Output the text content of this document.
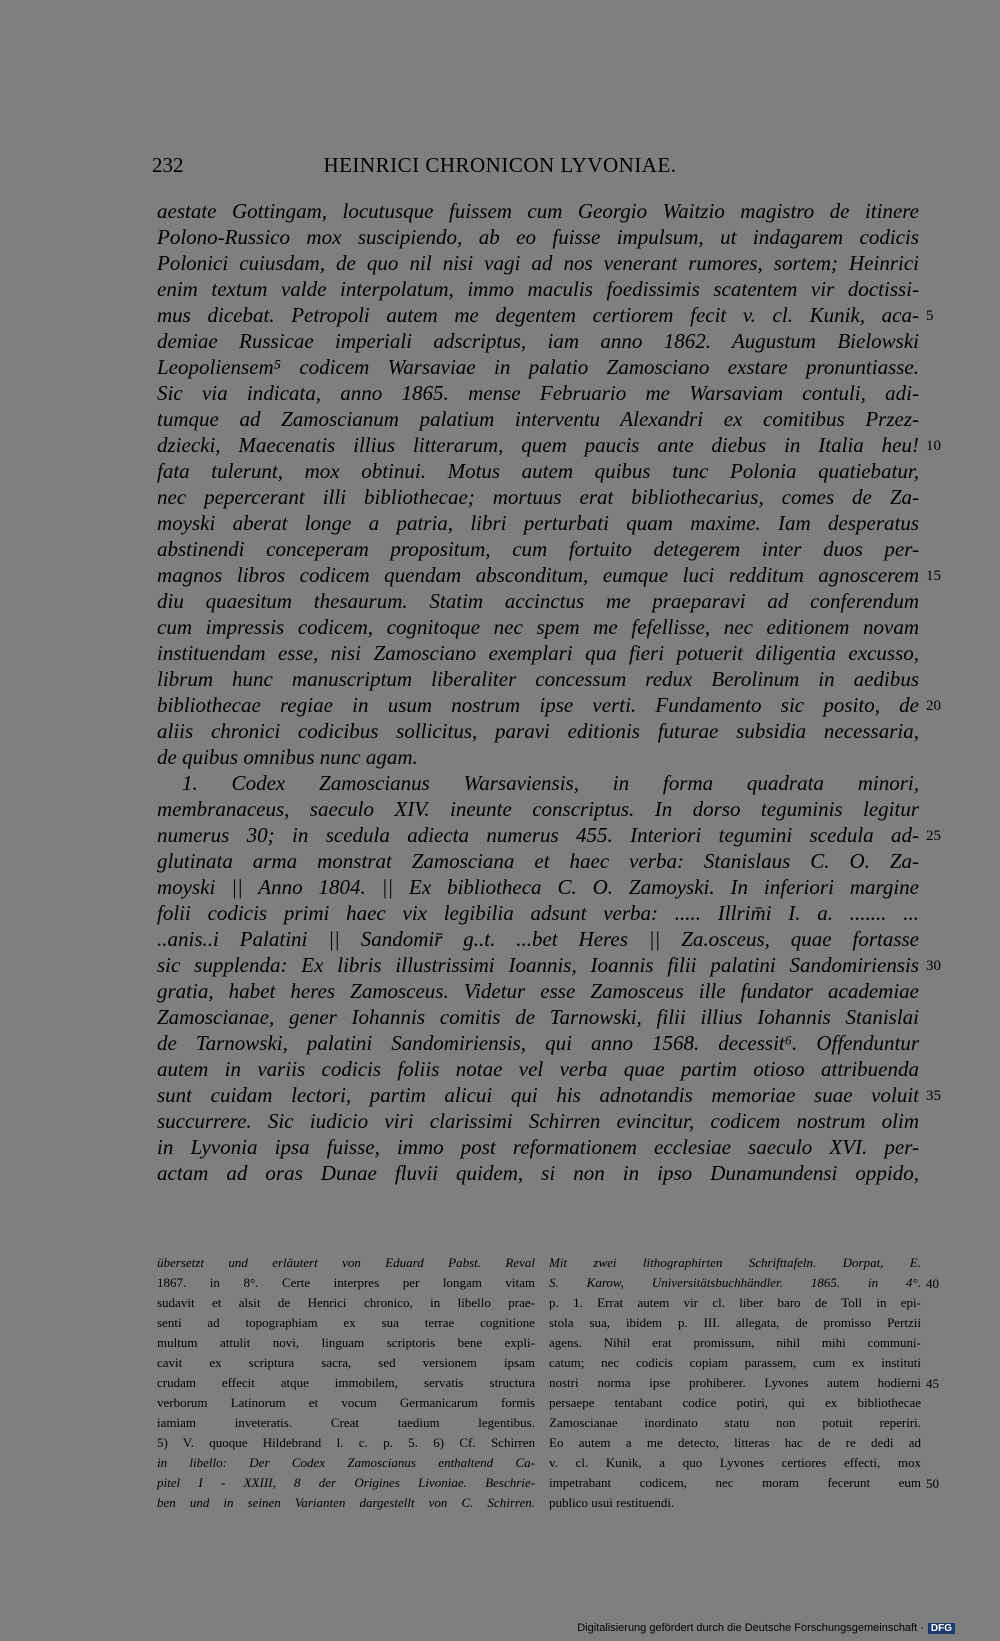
232	HEINRICI CHRONICON LYVONIAE.
aestate Gottingam, locutusque fuissem cum Georgio Waitzio magistro de itinere
Polono-Russico mox suscipiendo, ab eo fuisse impulsum, ut indagarem codicis
Polonici cuiusdam, de quo nil nisi vagi ad nos venerant rumores, sortem; Heinrici
enim textum valde interpolatum, immo maculis foedissimis scatentem vir doctissi-
mus dicebat. Petropoli autem me degentem certiorem fecit v. cl. Kunik, aca-
demiae Russicae imperiali adscriptus, iam anno 1862. Augustum Bielowski
Leopoliensem⁵ codicem Warsaviae in palatio Zamosciano exstare pronuntiasse.
Sic via indicata, anno 1865. mense Februario me Warsaviam contuli, adi-
tumque ad Zamoscianum palatium interventu Alexandri ex comitibus Przez-
dziecki, Maecenatis illius litterarum, quem paucis ante diebus in Italia heu!
fata tulerunt, mox obtinui. Motus autem quibus tunc Polonia quatiebatur,
nec pepercerant illi bibliothecae; mortuus erat bibliothecarius, comes de Za-
moyski aberat longe a patria, libri perturbati quam maxime. Iam desperatus
abstinendi conceperam propositum, cum fortuito detegerem inter duos per-
magnos libros codicem quendam absconditum, eumque luci redditum agnoscerem
diu quaesitum thesaurum. Statim accinctus me praeparavi ad conferendum
cum impressis codicem, cognitoque nec spem me fefellisse, nec editionem novam
instituendam esse, nisi Zamosciano exemplari qua fieri potuerit diligentia excusso,
librum hunc manuscriptum liberaliter concessum redux Berolinum in aedibus
bibliothecae regiae in usum nostrum ipse verti. Fundamento sic posito, de
aliis chronici codicibus sollicitus, paravi editionis futurae subsidia necessaria,
de quibus omnibus nunc agam.
1. Codex Zamoscianus Warsaviensis, in forma quadrata minori,
membranaceus, saeculo XIV. ineunte conscriptus. In dorso teguminis legitur
numerus 30; in scedula adiecta numerus 455. Interiori tegumini scedula ad-
glutinata arma monstrat Zamosciana et haec verba: Stanislaus C. O. Za-
moyski || Anno 1804. || Ex bibliotheca C. O. Zamoyski. In inferiori margine
folii codicis primi haec vix legibilia adsunt verba: ..... Illrim̄i I. a. ....... ...
..anis..i Palatini || Sandomir̄ g..t. ...bet Heres || Za.osceus, quae fortasse
sic supplenda: Ex libris illustrissimi Ioannis, Ioannis filii palatini Sandomiriensis
gratia, habet heres Zamosceus. Videtur esse Zamosceus ille fundator academiae
Zamoscianae, gener Iohannis comitis de Tarnowski, filii illius Iohannis Stanislai
de Tarnowski, palatini Sandomiriensis, qui anno 1568. decessit⁶. Offenduntur
autem in variis codicis foliis notae vel verba quae partim otioso attribuenda
sunt cuidam lectori, partim alicui qui his adnotandis memoriae suae voluit
succurrere. Sic iudicio viri clarissimi Schirren evincitur, codicem nostrum olim
in Lyvonia ipsa fuisse, immo post reformationem ecclesiae saeculo XVI. per-
actam ad oras Dunae fluvii quidem, si non in ipso Dunamundensi oppido,
5
10
15
20
25
30
35
übersetzt und erläutert von Eduard Pabst. Reval
1867. in 8°. Certe interpres per longam vitam
sudavit et alsit de Henrici chronico, in libello prae-
senti ad topographiam ex sua terrae cognitione
multum attulit novi, linguam scriptoris bene expli-
cavit ex scriptura sacra, sed versionem ipsam
crudam effecit atque immobilem, servatis structura
verborum Latinorum et vocum Germanicarum formis
iamiam inveteratis. Creat taedium legentibus.
5) V. quoque Hildebrand l. c. p. 5. 6) Cf. Schirren
in libello: Der Codex Zamoscianus enthaltend Ca-
pitel I - XXIII, 8 der Origines Livoniae. Beschrie-
ben und in seinen Varianten dargestellt von C. Schirren.
Mit zwei lithographirten Schrifttafeln. Dorpat, E.
S. Karow, Universitätsbuchhändler. 1865. in 4°.
p. 1. Errat autem vir cl. liber baro de Toll in epi-
stola sua, ibidem p. III. allegata, de promisso Pertzii
agens. Nihil erat promissum, nihil mihi communi-
catum; nec codicis copiam parassem, cum ex instituti
nostri norma ipse prohiberer. Lyvones autem hodierni
persaepe tentabant codice potiri, qui ex bibliothecae
Zamoscianae inordinato statu non potuit reperiri.
Eo autem a me detecto, litteras hac de re dedi ad
v. cl. Kunik, a quo Lyvones certiores effecti, mox
impetrabant codicem, nec moram fecerunt eum
publico usui restituendi.
40
45
50
Digitalisierung gefördert durch die Deutsche Forschungsgemeinschaft · DFG
